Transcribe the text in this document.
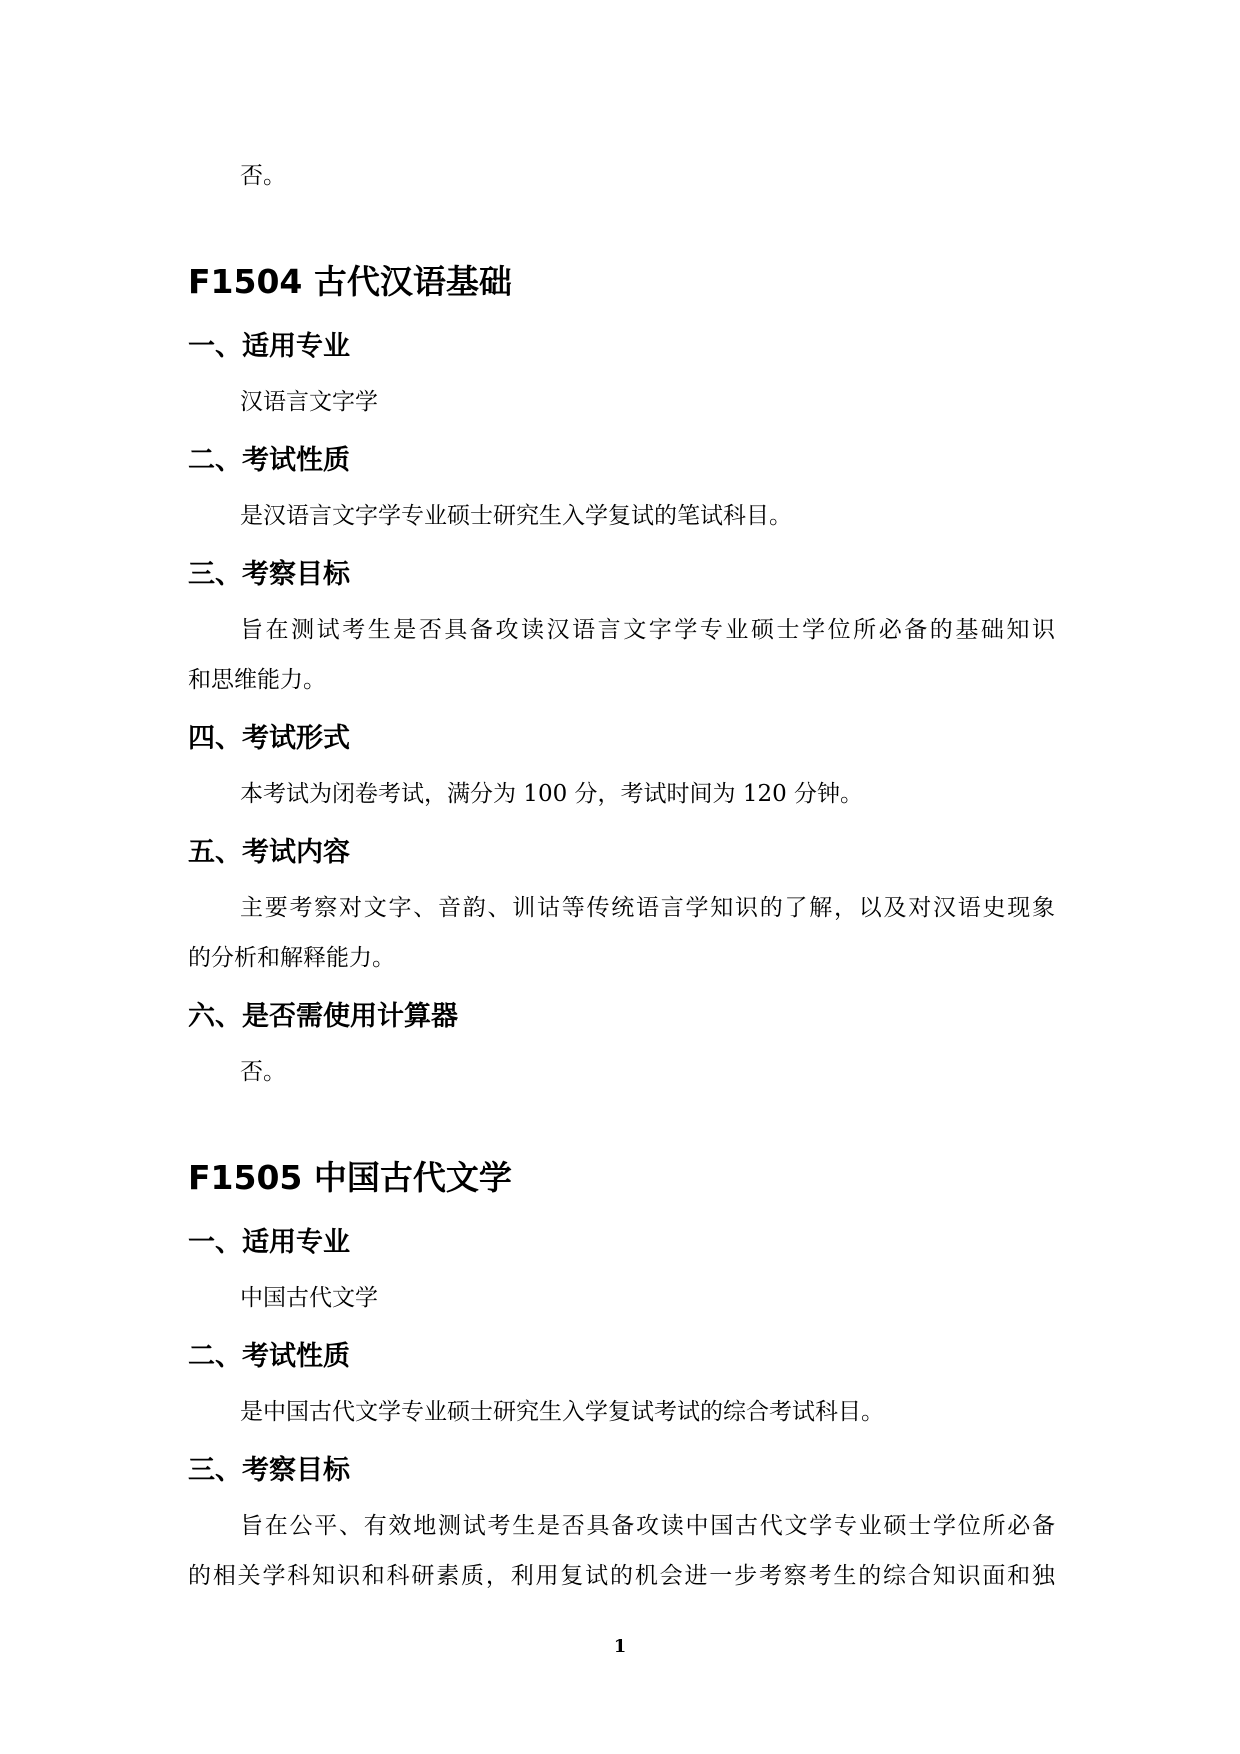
否。
F1504 古代汉语基础
一、适用专业
汉语言文字学
二、考试性质
是汉语言文字学专业硕士研究生入学复试的笔试科目。
三、考察目标
旨在测试考生是否具备攻读汉语言文字学专业硕士学位所必备的基础知识
和思维能力。
四、考试形式
本考试为闭卷考试，满分为 100 分，考试时间为 120 分钟。
五、考试内容
主要考察对文字、音韵、训诂等传统语言学知识的了解，以及对汉语史现象
的分析和解释能力。
六、是否需使用计算器
否。
F1505 中国古代文学
一、适用专业
中国古代文学
二、考试性质
是中国古代文学专业硕士研究生入学复试考试的综合考试科目。
三、考察目标
旨在公平、有效地测试考生是否具备攻读中国古代文学专业硕士学位所必备
的相关学科知识和科研素质，利用复试的机会进一步考察考生的综合知识面和独
1
